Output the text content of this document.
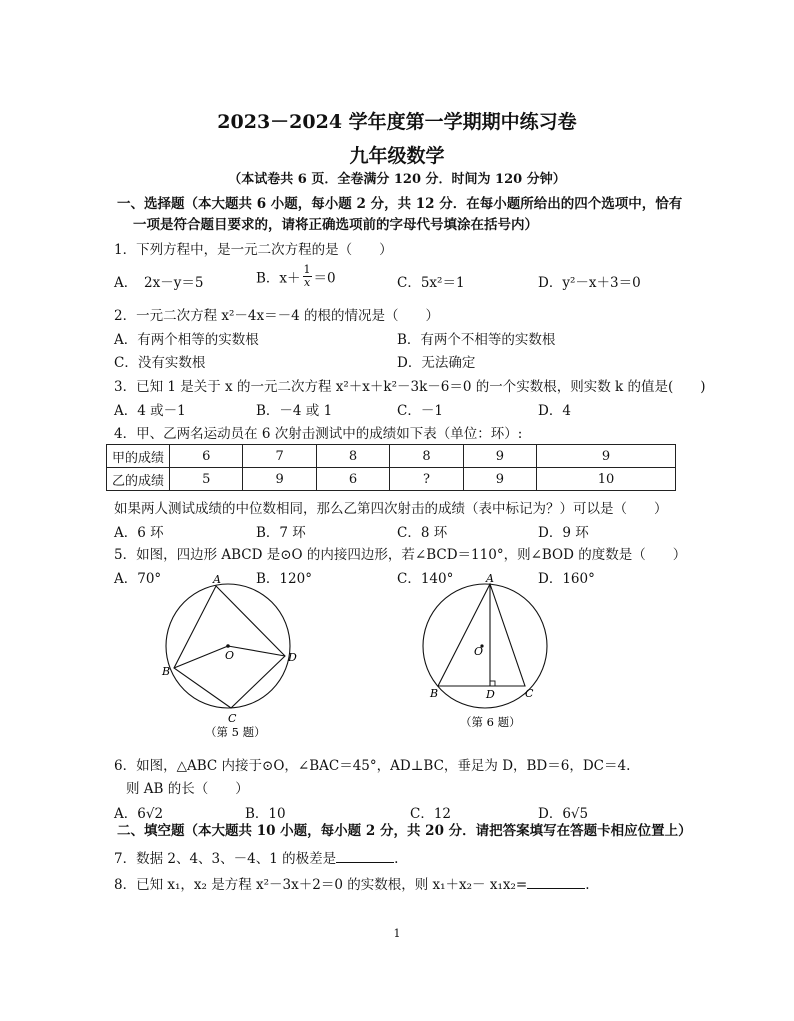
2023－2024 学年度第一学期期中练习卷
九年级数学
（本试卷共 6 页．全卷满分 120 分．时间为 120 分钟）
一、选择题（本大题共 6 小题，每小题 2 分，共 12 分．在每小题所给出的四个选项中，恰有
一项是符合题目要求的，请将正确选项前的字母代号填涂在括号内）
1．下列方程中，是一元二次方程的是（　　）
A．　2x－y＝5	B．$x+ \frac{1}{x} =0$	C．5x²＝1	D．y²－x＋3＝0
2．一元二次方程 x²－4x＝－4 的根的情况是（　　）
A．有两个相等的实数根	B．有两个不相等的实数根
C．没有实数根	D．无法确定
3．已知 1 是关于 x 的一元二次方程 x²＋x＋k²－3k－6＝0 的一个实数根，则实数 k 的值是(　　)
A．4 或－1	B．－4 或 1	C．－1	D．4
4．甲、乙两名运动员在 6 次射击测试中的成绩如下表（单位：环）:
甲的成绩	6	7	8	8	9	9
乙的成绩	5	9	6	?	9	10
如果两人测试成绩的中位数相同，那么乙第四次射击的成绩（表中标记为？）可以是（　　）
A．6 环	B．7 环	C．8 环	D．9 环
5．如图，四边形 ABCD 是⊙O 的内接四边形，若∠BCD＝110°，则∠BOD 的度数是（　　）
A．70°	B．120°	C．140°	D．160°
A
B
C
D
O
（第 5 题）
A
B	C
D
O
（第 6 题）
6．如图，△ABC 内接于⊙O，∠BAC＝45°，AD⊥BC，垂足为 D，BD＝6，DC＝4.
则 AB 的长（　　）
A．6√2	B．10	C．12	D．6√5
二、填空题（本大题共 10 小题，每小题 2 分，共 20 分．请把答案填写在答题卡相应位置上）
7．数据 2、4、3、－4、1 的极差是	.
8．已知 x₁，x₂ 是方程 x²－3x＋2＝0 的实数根，则 x₁＋x₂－ x₁x₂=	.
1
